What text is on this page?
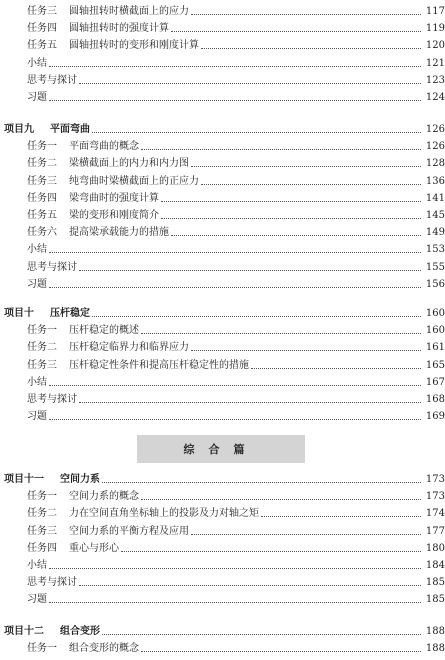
任务三 圆轴扭转时横截面上的应力	117
任务四 圆轴扭转时的强度计算	119
任务五 圆轴扭转时的变形和刚度计算	120
小结	121
思考与探讨	123
习题	124
项目九 平面弯曲	126
任务一 平面弯曲的概念	126
任务二 梁横截面上的内力和内力图	128
任务三 纯弯曲时梁横截面上的正应力	136
任务四 梁弯曲时的强度计算	141
任务五 梁的变形和刚度简介	145
任务六 提高梁承载能力的措施	149
小结	153
思考与探讨	155
习题	156
项目十 压杆稳定	160
任务一 压杆稳定的概述	160
任务二 压杆稳定临界力和临界应力	161
任务三 压杆稳定性条件和提高压杆稳定性的措施	165
小结	167
思考与探讨	168
习题	169
项目十一 空间力系	173
任务一 空间力系的概念	173
任务二 力在空间直角坐标轴上的投影及力对轴之矩	174
任务三 空间力系的平衡方程及应用	177
任务四 重心与形心	180
小结	184
思考与探讨	185
习题	185
项目十二 组合变形	188
任务一 组合变形的概念	188
综合篇
